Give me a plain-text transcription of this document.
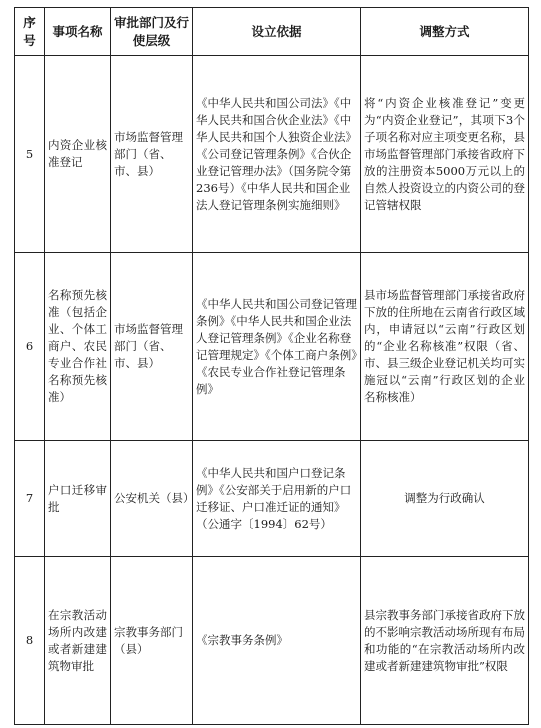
序号	事项名称	审批部门及行使层级	设立依据	调整方式
5	内资企业核准登记	市场监督管理部门（省、市、县）	《中华人民共和国公司法》《中华人民共和国合伙企业法》《中华人民共和国个人独资企业法》《公司登记管理条例》《合伙企业登记管理办法》（国务院令第236号）《中华人民共和国企业法人登记管理条例实施细则》	将“内资企业核准登记”变更为“内资企业登记”，其项下3个子项名称对应主项变更名称，县市场监督管理部门承接省政府下放的注册资本5000万元以上的自然人投资设立的内资公司的登记管辖权限
6	名称预先核准（包括企业、个体工商户、农民专业合作社名称预先核准）	市场监督管理部门（省、市、县）	《中华人民共和国公司登记管理条例》《中华人民共和国企业法人登记管理条例》《企业名称登记管理规定》《个体工商户条例》《农民专业合作社登记管理条例》	县市场监督管理部门承接省政府下放的住所地在云南省行政区域内，申请冠以“云南”行政区划的“企业名称核准”权限（省、市、县三级企业登记机关均可实施冠以“云南”行政区划的企业名称核准）
7	户口迁移审批	公安机关（县）	《中华人民共和国户口登记条例》《公安部关于启用新的户口迁移证、户口准迁证的通知》（公通字〔1994〕62号）	调整为行政确认
8	在宗教活动场所内改建或者新建建筑物审批	宗教事务部门（县）	《宗教事务条例》	县宗教事务部门承接省政府下放的不影响宗教活动场所现有布局和功能的“在宗教活动场所内改建或者新建建筑物审批”权限
